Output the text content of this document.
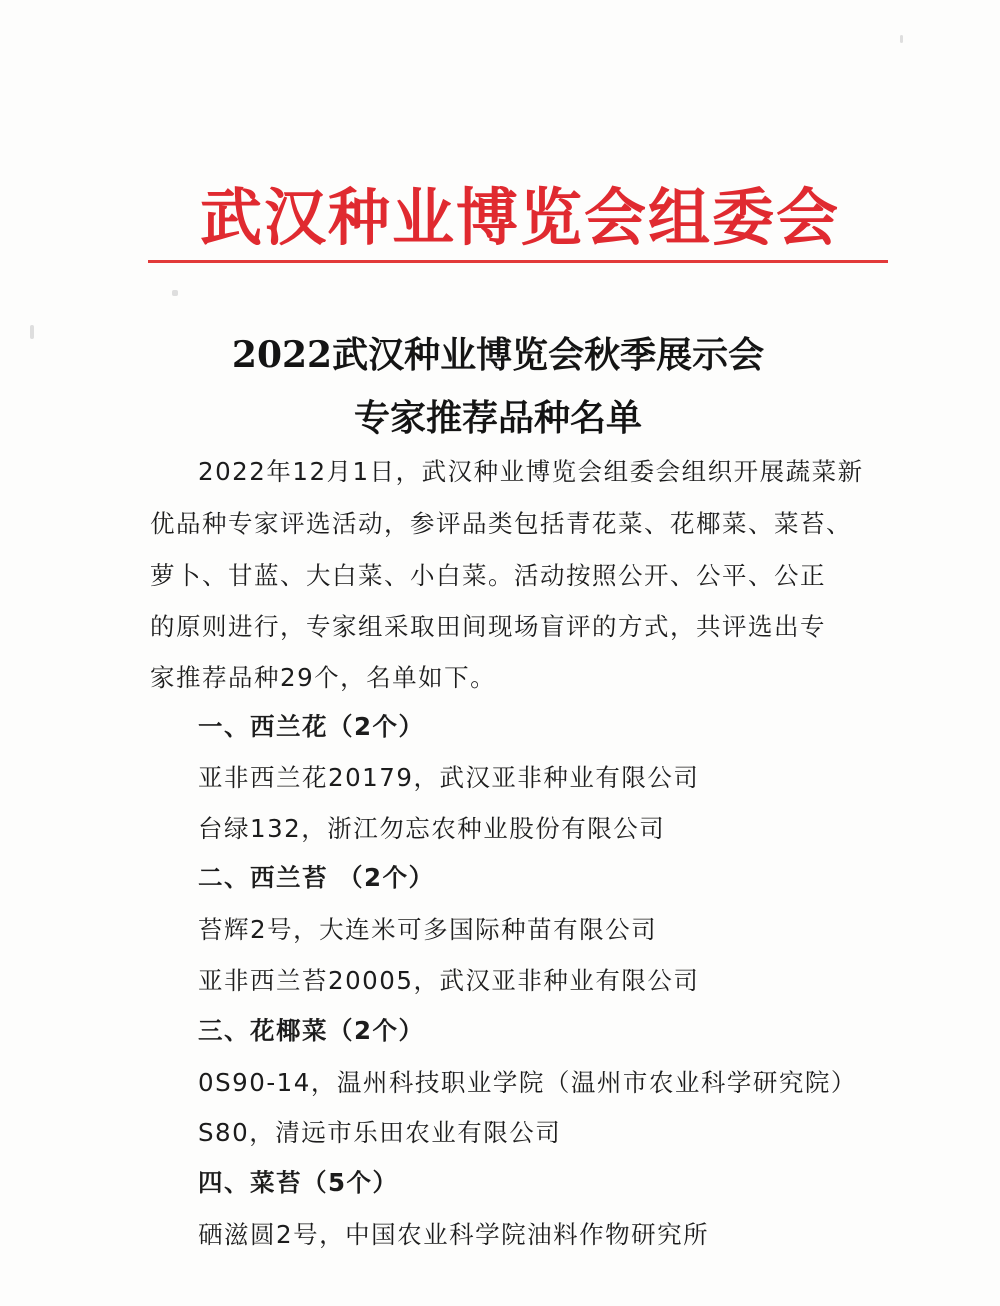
武汉种业博览会组委会
2022武汉种业博览会秋季展示会
专家推荐品种名单
2022年12月1日，武汉种业博览会组委会组织开展蔬菜新
优品种专家评选活动，参评品类包括青花菜、花椰菜、菜苔、
萝卜、甘蓝、大白菜、小白菜。活动按照公开、公平、公正
的原则进行，专家组采取田间现场盲评的方式，共评选出专
家推荐品种29个，名单如下。
一、西兰花（2个）
亚非西兰花20179，武汉亚非种业有限公司
台绿132，浙江勿忘农种业股份有限公司
二、西兰苔 （2个）
苔辉2号，大连米可多国际种苗有限公司
亚非西兰苔20005，武汉亚非种业有限公司
三、花椰菜（2个）
0S90-14，温州科技职业学院（温州市农业科学研究院）
S80，清远市乐田农业有限公司
四、菜苔（5个）
硒滋圆2号，中国农业科学院油料作物研究所
